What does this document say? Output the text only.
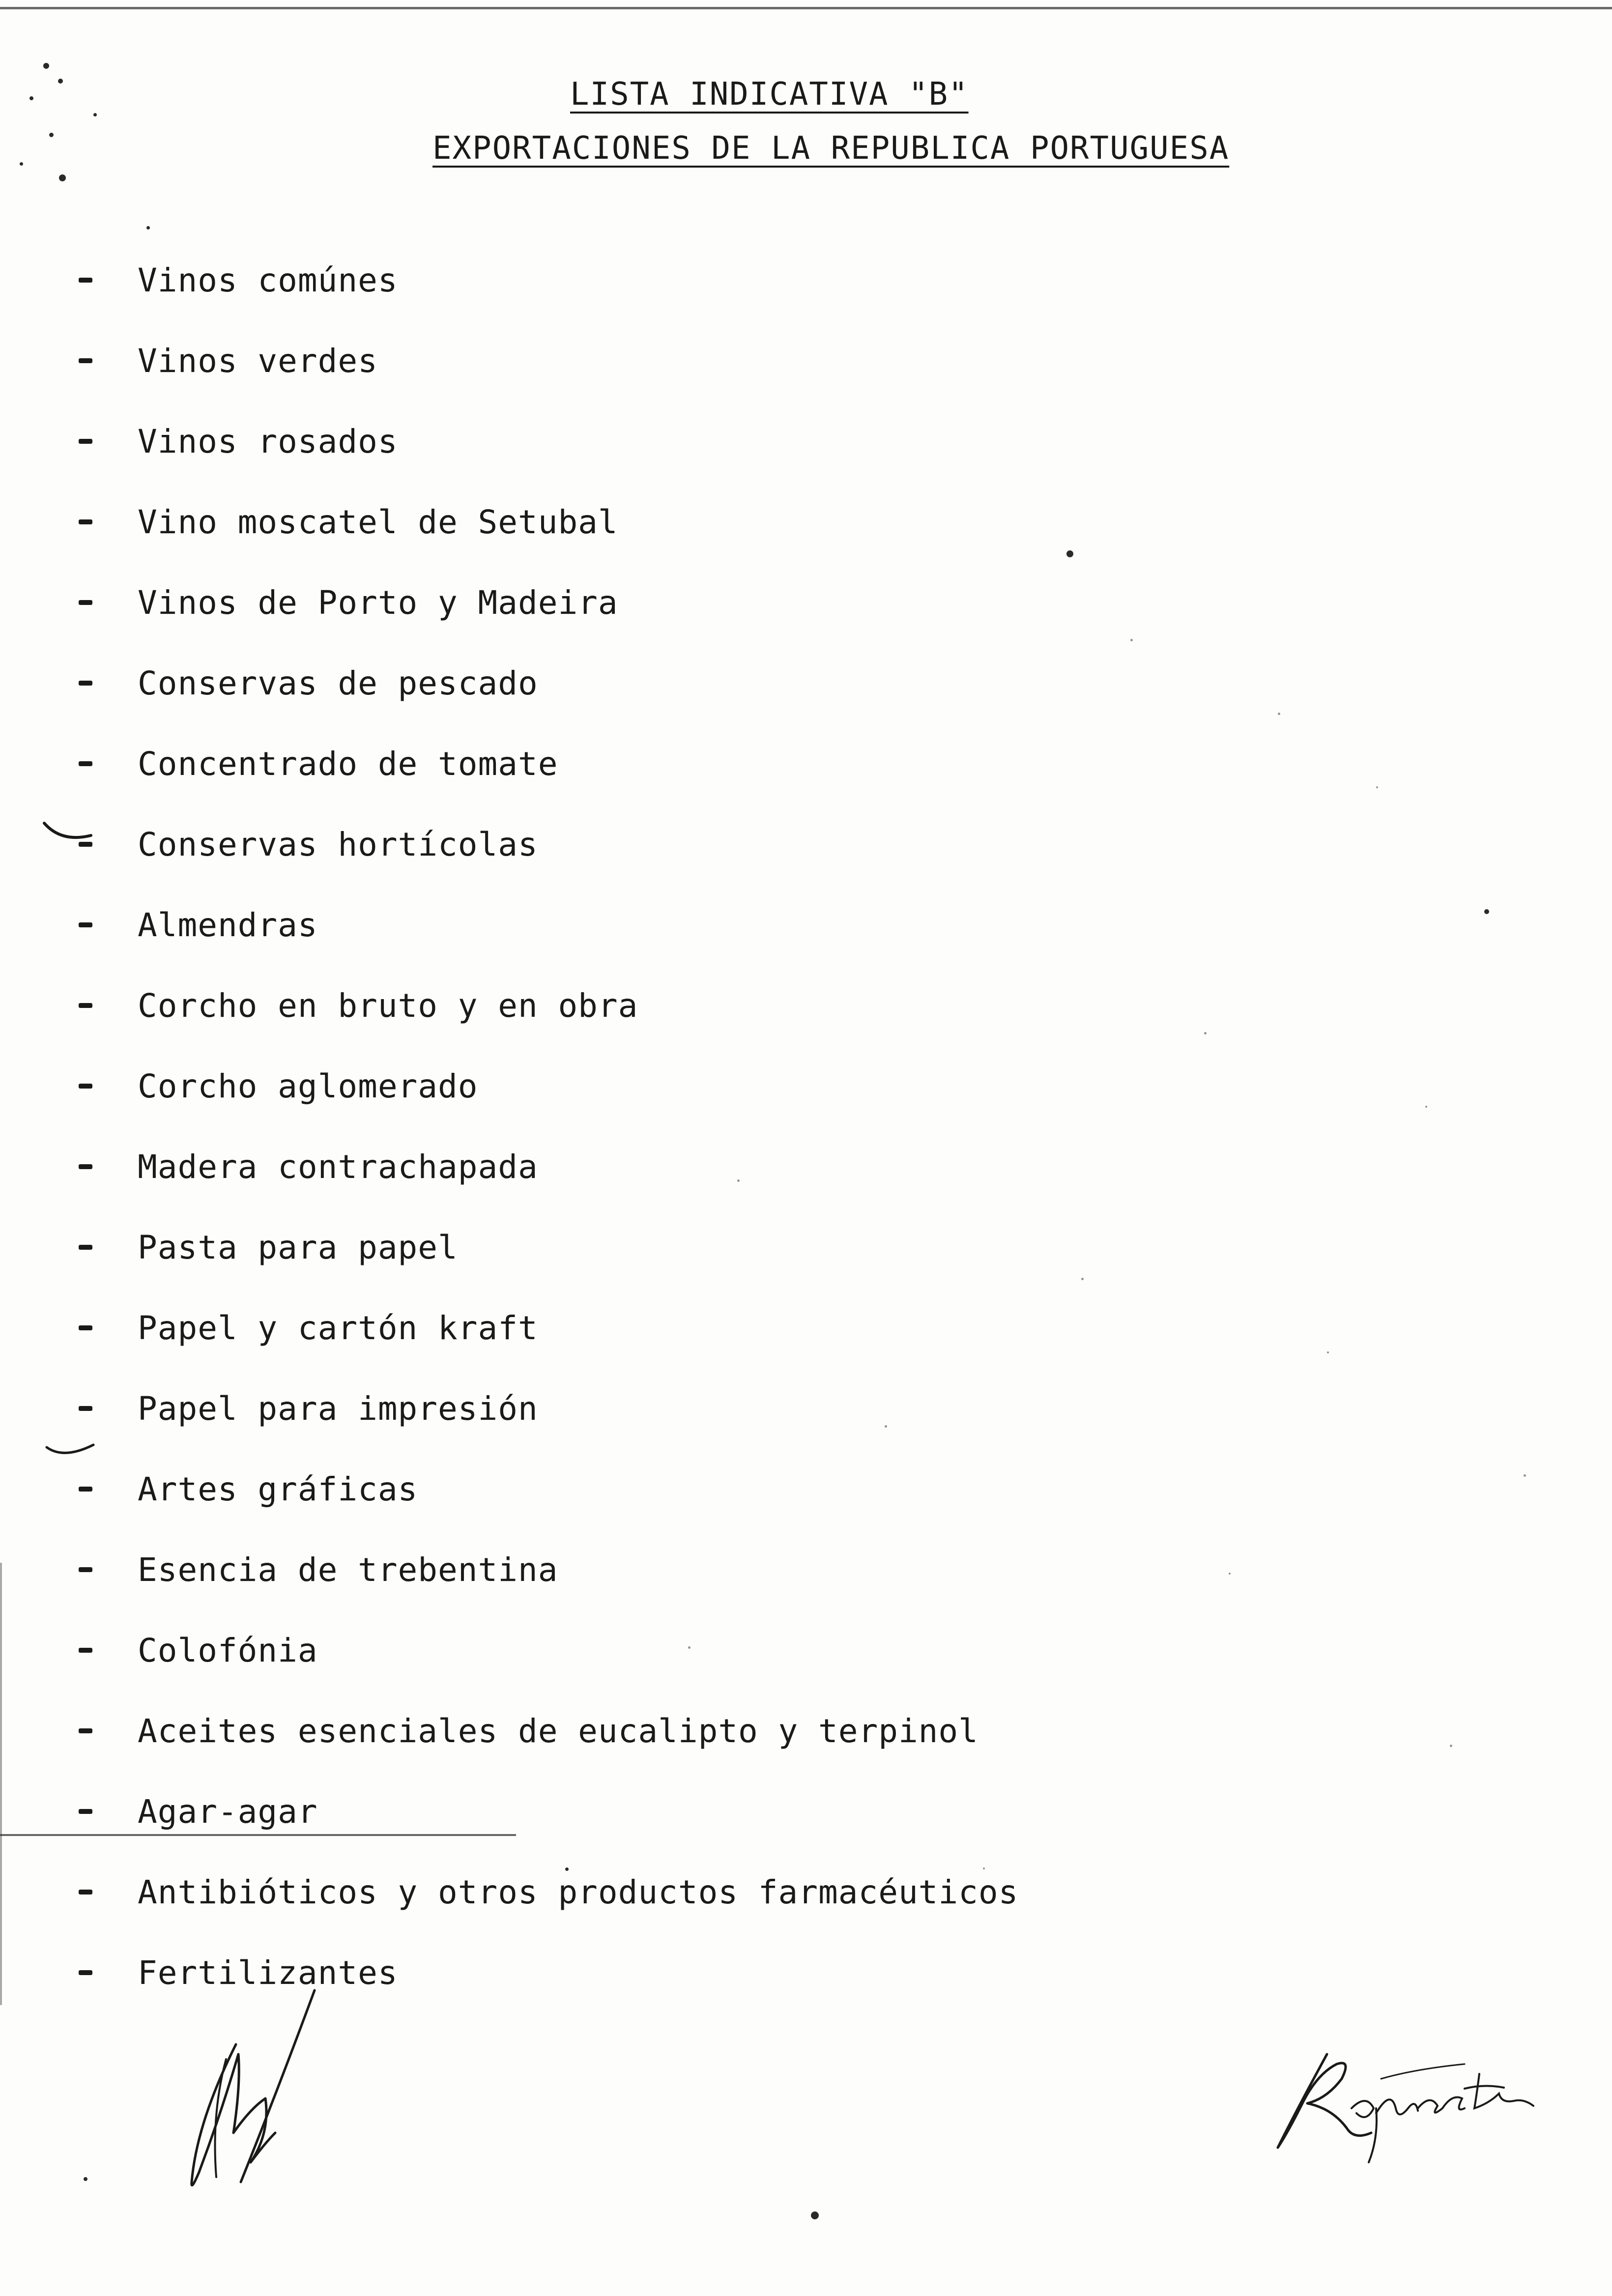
LISTA INDICATIVA "B"
EXPORTACIONES DE LA REPUBLICA PORTUGUESA
Vinos comúnes
Vinos verdes
Vinos rosados
Vino moscatel de Setubal
Vinos de Porto y Madeira
Conservas de pescado
Concentrado de tomate
Conservas hortícolas
Almendras
Corcho en bruto y en obra
Corcho aglomerado
Madera contrachapada
Pasta para papel
Papel y cartón kraft
Papel para impresión
Artes gráficas
Esencia de trebentina
Colofónia
Aceites esenciales de eucalipto y terpinol
Agar-agar
Antibióticos y otros productos farmacéuticos
Fertilizantes
